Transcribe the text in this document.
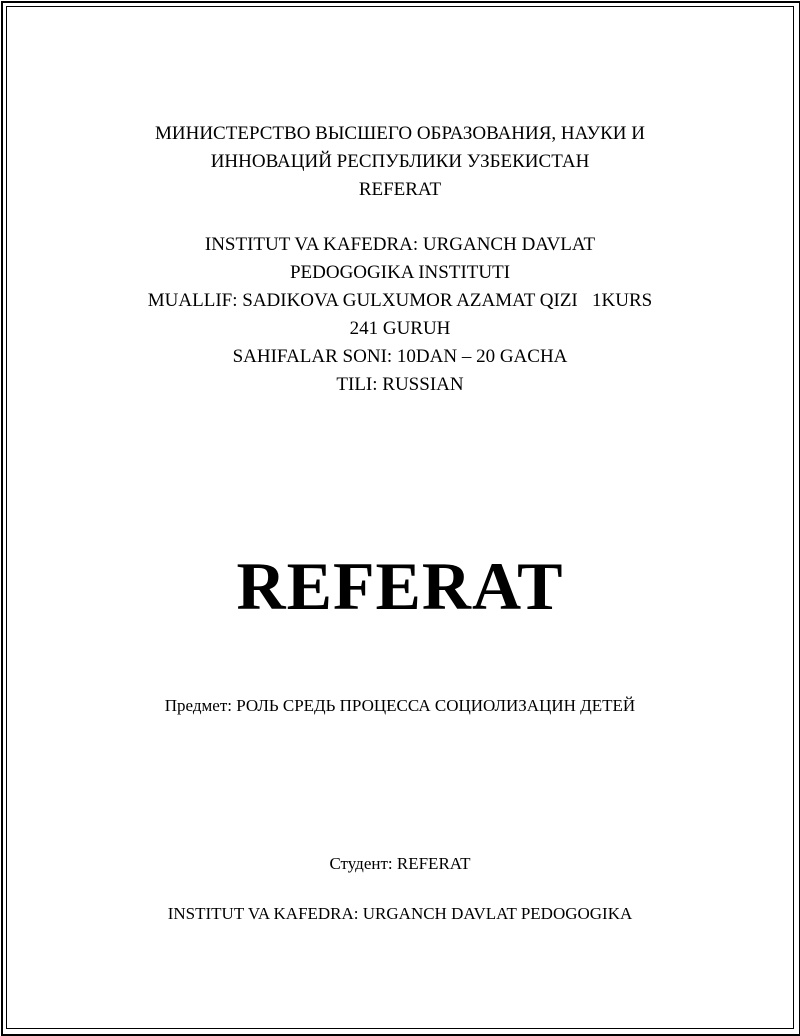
МИНИСТЕРСТВО ВЫСШЕГО ОБРАЗОВАНИЯ, НАУКИ И
ИННОВАЦИЙ РЕСПУБЛИКИ УЗБЕКИСТАН
REFERAT
INSTITUT VA KAFEDRA: URGANCH DAVLAT
PEDOGOGIKA INSTITUTI
MUALLIF: SADIKOVA GULXUMOR AZAMAT QIZI   1KURS
241 GURUH
SAHIFALAR SONI: 10DAN – 20 GACHA
TILI: RUSSIAN
REFERAT
Предмет: РОЛЬ СРЕДЬ ПРОЦЕССА СОЦИОЛИЗАЦИН ДЕТЕЙ
Студент: REFERAT
INSTITUT VA KAFEDRA: URGANCH DAVLAT PEDOGOGIKA
